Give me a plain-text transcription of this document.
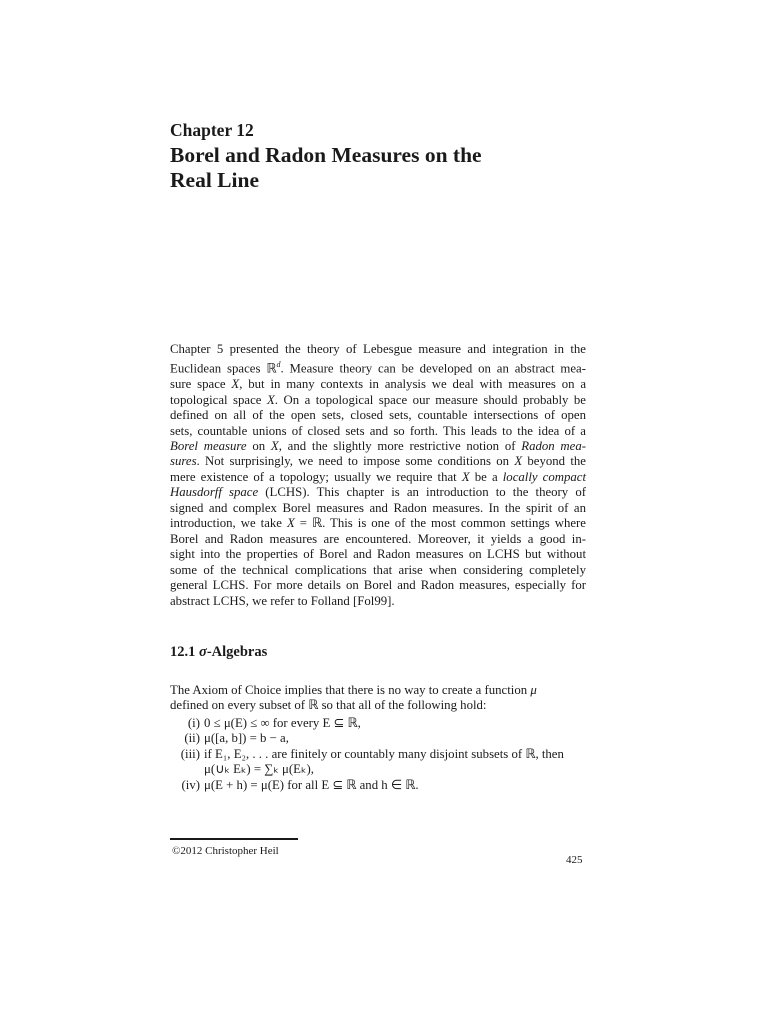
Chapter 12
Borel and Radon Measures on the
Real Line
Chapter 5 presented the theory of Lebesgue measure and integration in the
Euclidean spaces ℝ$^d$. Measure theory can be developed on an abstract mea-
sure space X, but in many contexts in analysis we deal with measures on a
topological space X. On a topological space our measure should probably be
defined on all of the open sets, closed sets, countable intersections of open
sets, countable unions of closed sets and so forth. This leads to the idea of a
Borel measure on X, and the slightly more restrictive notion of Radon mea-
sures. Not surprisingly, we need to impose some conditions on X beyond the
mere existence of a topology; usually we require that X be a locally compact
Hausdorff space (LCHS). This chapter is an introduction to the theory of
signed and complex Borel measures and Radon measures. In the spirit of an
introduction, we take X = ℝ. This is one of the most common settings where
Borel and Radon measures are encountered. Moreover, it yields a good in-
sight into the properties of Borel and Radon measures on LCHS but without
some of the technical complications that arise when considering completely
general LCHS. For more details on Borel and Radon measures, especially for
abstract LCHS, we refer to Folland [Fol99].
12.1 σ-Algebras
The Axiom of Choice implies that there is no way to create a function μ
defined on every subset of ℝ so that all of the following hold:
(i) 0 ≤ μ(E) ≤ ∞ for every E ⊆ ℝ,
(ii) μ([a, b]) = b − a,
(iii) if E₁, E₂, . . . are finitely or countably many disjoint subsets of ℝ, then
μ(∪ₖ Eₖ) = ∑ₖ μ(Eₖ),
(iv) μ(E + h) = μ(E) for all E ⊆ ℝ and h ∈ ℝ.
©2012 Christopher Heil
425
